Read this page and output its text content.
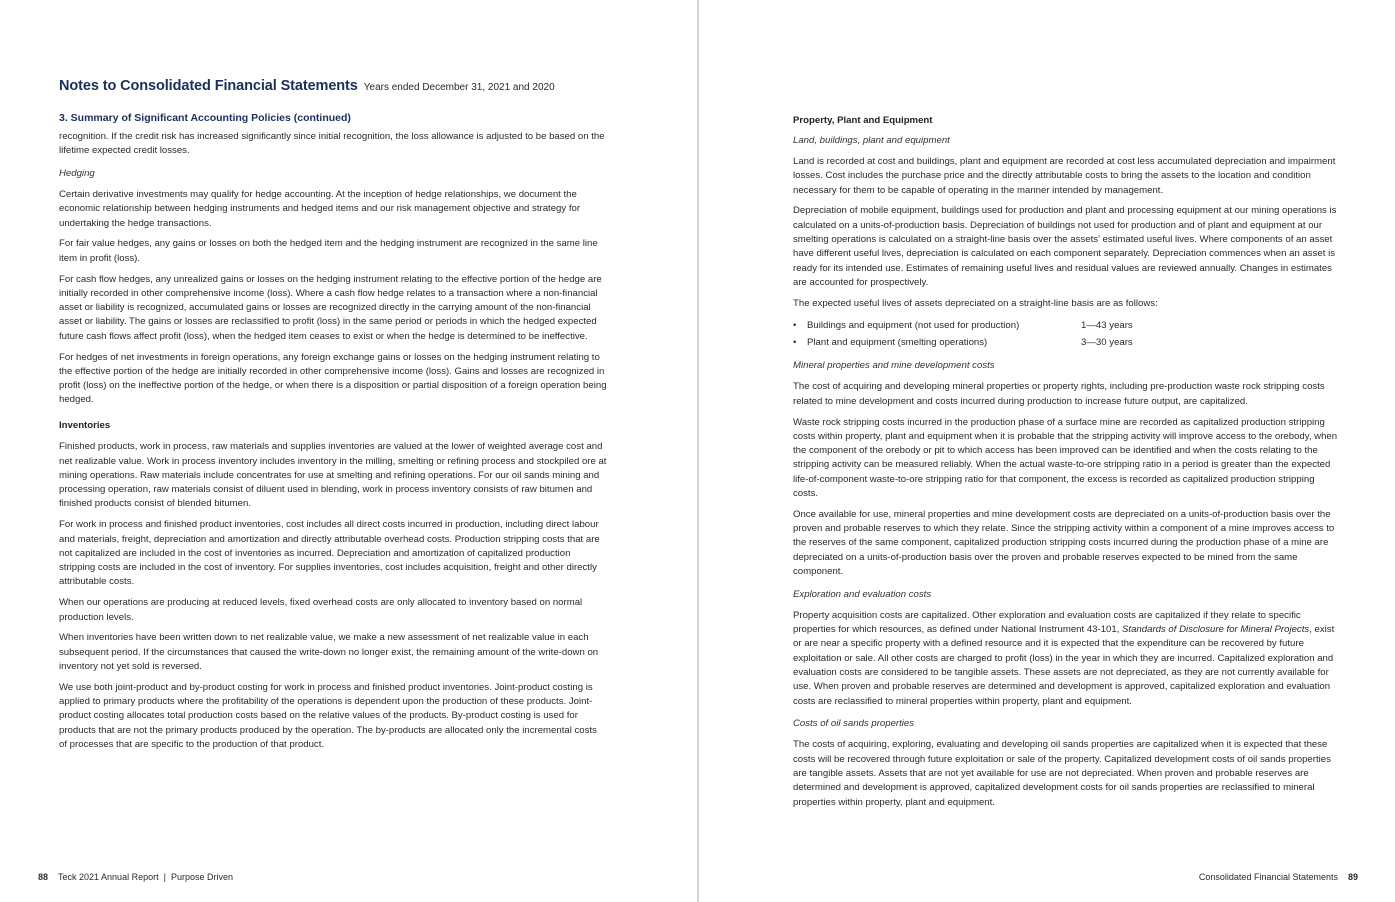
Notes to Consolidated Financial Statements Years ended December 31, 2021 and 2020
3. Summary of Significant Accounting Policies (continued)

recognition. If the credit risk has increased significantly since initial recognition, the loss allowance is adjusted to be based on the lifetime expected credit losses.

Hedging

Certain derivative investments may qualify for hedge accounting. At the inception of hedge relationships, we document the economic relationship between hedging instruments and hedged items and our risk management objective and strategy for undertaking the hedge transactions.

For fair value hedges, any gains or losses on both the hedged item and the hedging instrument are recognized in the same line item in profit (loss).

For cash flow hedges, any unrealized gains or losses on the hedging instrument relating to the effective portion of the hedge are initially recorded in other comprehensive income (loss). Where a cash flow hedge relates to a transaction where a non-financial asset or liability is recognized, accumulated gains or losses are recognized directly in the carrying amount of the non-financial asset or liability. The gains or losses are reclassified to profit (loss) in the same period or periods in which the hedged expected future cash flows affect profit (loss), when the hedged item ceases to exist or when the hedge is determined to be ineffective.

For hedges of net investments in foreign operations, any foreign exchange gains or losses on the hedging instrument relating to the effective portion of the hedge are initially recorded in other comprehensive income (loss). Gains and losses are recognized in profit (loss) on the ineffective portion of the hedge, or when there is a disposition or partial disposition of a foreign operation being hedged.

Inventories

Finished products, work in process, raw materials and supplies inventories are valued at the lower of weighted average cost and net realizable value. Work in process inventory includes inventory in the milling, smelting or refining process and stockpiled ore at mining operations. Raw materials include concentrates for use at smelting and refining operations. For our oil sands mining and processing operation, raw materials consist of diluent used in blending, work in process inventory consists of raw bitumen and finished products consist of blended bitumen.

For work in process and finished product inventories, cost includes all direct costs incurred in production, including direct labour and materials, freight, depreciation and amortization and directly attributable overhead costs. Production stripping costs that are not capitalized are included in the cost of inventories as incurred. Depreciation and amortization of capitalized production stripping costs are included in the cost of inventory. For supplies inventories, cost includes acquisition, freight and other directly attributable costs.

When our operations are producing at reduced levels, fixed overhead costs are only allocated to inventory based on normal production levels.

When inventories have been written down to net realizable value, we make a new assessment of net realizable value in each subsequent period. If the circumstances that caused the write-down no longer exist, the remaining amount of the write-down on inventory not yet sold is reversed.

We use both joint-product and by-product costing for work in process and finished product inventories. Joint-product costing is applied to primary products where the profitability of the operations is dependent upon the production of these products. Joint-product costing allocates total production costs based on the relative values of the products. By-product costing is used for products that are not the primary products produced by the operation. The by-products are allocated only the incremental costs of processes that are specific to the production of that product.

88 Teck 2021 Annual Report | Purpose Driven
Property, Plant and Equipment
Land, buildings, plant and equipment

Land is recorded at cost and buildings, plant and equipment are recorded at cost less accumulated depreciation and impairment losses. Cost includes the purchase price and the directly attributable costs to bring the assets to the location and condition necessary for them to be capable of operating in the manner intended by management.

Depreciation of mobile equipment, buildings used for production and plant and processing equipment at our mining operations is calculated on a units-of-production basis. Depreciation of buildings not used for production and of plant and equipment at our smelting operations is calculated on a straight-line basis over the assets’ estimated useful lives. Where components of an asset have different useful lives, depreciation is calculated on each component separately. Depreciation commences when an asset is ready for its intended use. Estimates of remaining useful lives and residual values are reviewed annually. Changes in estimates are accounted for prospectively.

The expected useful lives of assets depreciated on a straight-line basis are as follows:

•	Buildings and equipment (not used for production)	1—43 years
•	Plant and equipment (smelting operations)	3—30 years
Mineral properties and mine development costs

The cost of acquiring and developing mineral properties or property rights, including pre-production waste rock stripping costs related to mine development and costs incurred during production to increase future output, are capitalized.

Waste rock stripping costs incurred in the production phase of a surface mine are recorded as capitalized production stripping costs within property, plant and equipment when it is probable that the stripping activity will improve access to the orebody, when the component of the orebody or pit to which access has been improved can be identified and when the costs relating to the stripping activity can be measured reliably. When the actual waste-to-ore stripping ratio in a period is greater than the expected life-of-component waste-to-ore stripping ratio for that component, the excess is recorded as capitalized production stripping costs.

Once available for use, mineral properties and mine development costs are depreciated on a units-of-production basis over the proven and probable reserves to which they relate. Since the stripping activity within a component of a mine improves access to the reserves of the same component, capitalized production stripping costs incurred during the production phase of a mine are depreciated on a units-of-production basis over the proven and probable reserves expected to be mined from the same component.

Exploration and evaluation costs

Property acquisition costs are capitalized. Other exploration and evaluation costs are capitalized if they relate to specific properties for which resources, as defined under National Instrument 43-101, Standards of Disclosure for Mineral Projects, exist or are near a specific property with a defined resource and it is expected that the expenditure can be recovered by future exploitation or sale. All other costs are charged to profit (loss) in the year in which they are incurred. Capitalized exploration and evaluation costs are considered to be tangible assets. These assets are not depreciated, as they are not currently available for use. When proven and probable reserves are determined and development is approved, capitalized exploration and evaluation costs are reclassified to mineral properties within property, plant and equipment.

Costs of oil sands properties

The costs of acquiring, exploring, evaluating and developing oil sands properties are capitalized when it is expected that these costs will be recovered through future exploitation or sale of the property. Capitalized development costs of oil sands properties are tangible assets. Assets that are not yet available for use are not depreciated. When proven and probable reserves are determined and development is approved, capitalized development costs for oil sands properties are reclassified to mineral properties within property, plant and equipment.

Consolidated Financial Statements 89
